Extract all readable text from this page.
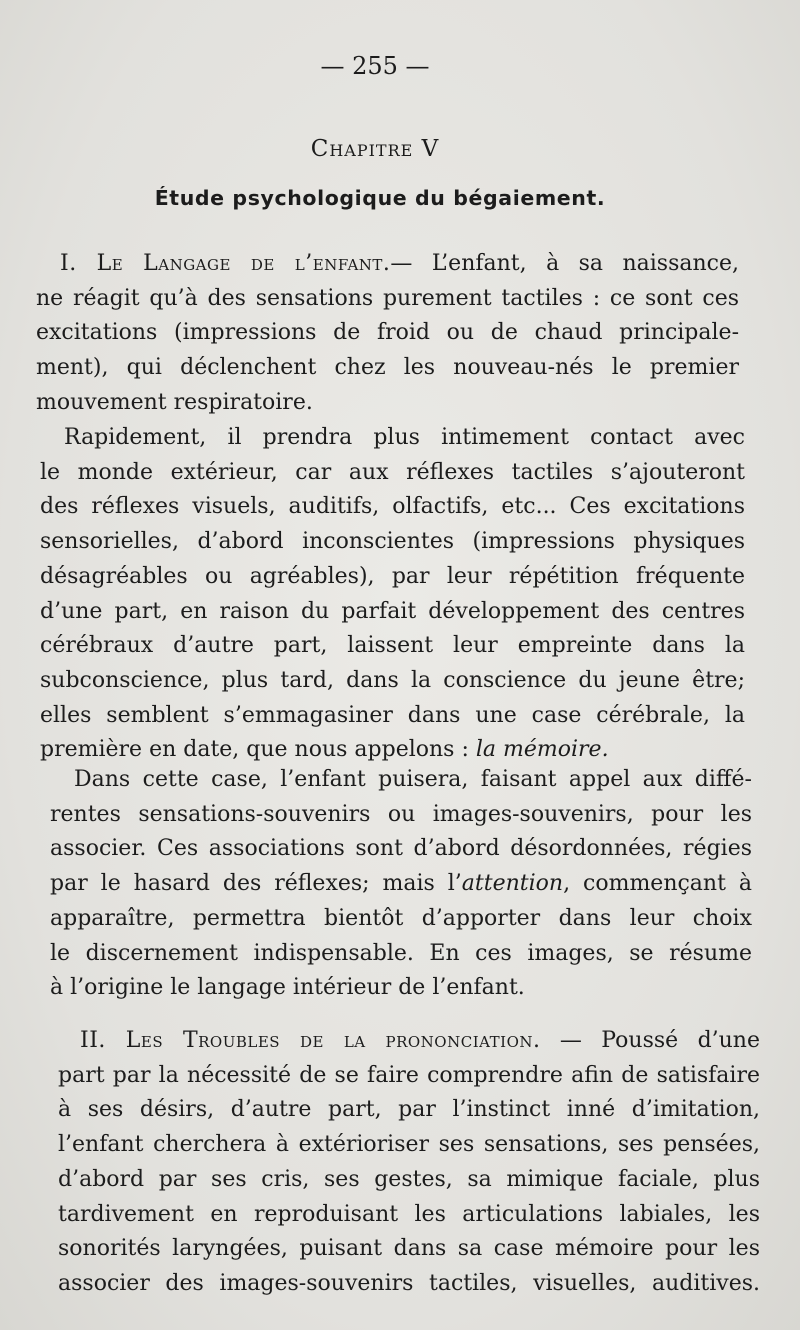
— 255 —
Chapitre V
Étude psychologique du bégaiement.
I. Le Langage de l’enfant.— L’enfant, à sa naissance,
ne réagit qu’à des sensations purement tactiles : ce sont ces
excitations (impressions de froid ou de chaud principale-
ment), qui déclenchent chez les nouveau-nés le premier
mouvement respiratoire.
Rapidement, il prendra plus intimement contact avec
le monde extérieur, car aux réflexes tactiles s’ajouteront
des réflexes visuels, auditifs, olfactifs, etc... Ces excitations
sensorielles, d’abord inconscientes (impressions physiques
désagréables ou agréables), par leur répétition fréquente
d’une part, en raison du parfait développement des centres
cérébraux d’autre part, laissent leur empreinte dans la
subconscience, plus tard, dans la conscience du jeune être;
elles semblent s’emmagasiner dans une case cérébrale, la
première en date, que nous appelons : la mémoire.
Dans cette case, l’enfant puisera, faisant appel aux diffé-
rentes sensations-souvenirs ou images-souvenirs, pour les
associer. Ces associations sont d’abord désordonnées, régies
par le hasard des réflexes; mais l’attention, commençant à
apparaître, permettra bientôt d’apporter dans leur choix
le discernement indispensable. En ces images, se résume
à l’origine le langage intérieur de l’enfant.
II. Les Troubles de la prononciation. — Poussé d’une
part par la nécessité de se faire comprendre afin de satisfaire
à ses désirs, d’autre part, par l’instinct inné d’imitation,
l’enfant cherchera à extérioriser ses sensations, ses pensées,
d’abord par ses cris, ses gestes, sa mimique faciale, plus
tardivement en reproduisant les articulations labiales, les
sonorités laryngées, puisant dans sa case mémoire pour les
associer des images-souvenirs tactiles, visuelles, auditives.
